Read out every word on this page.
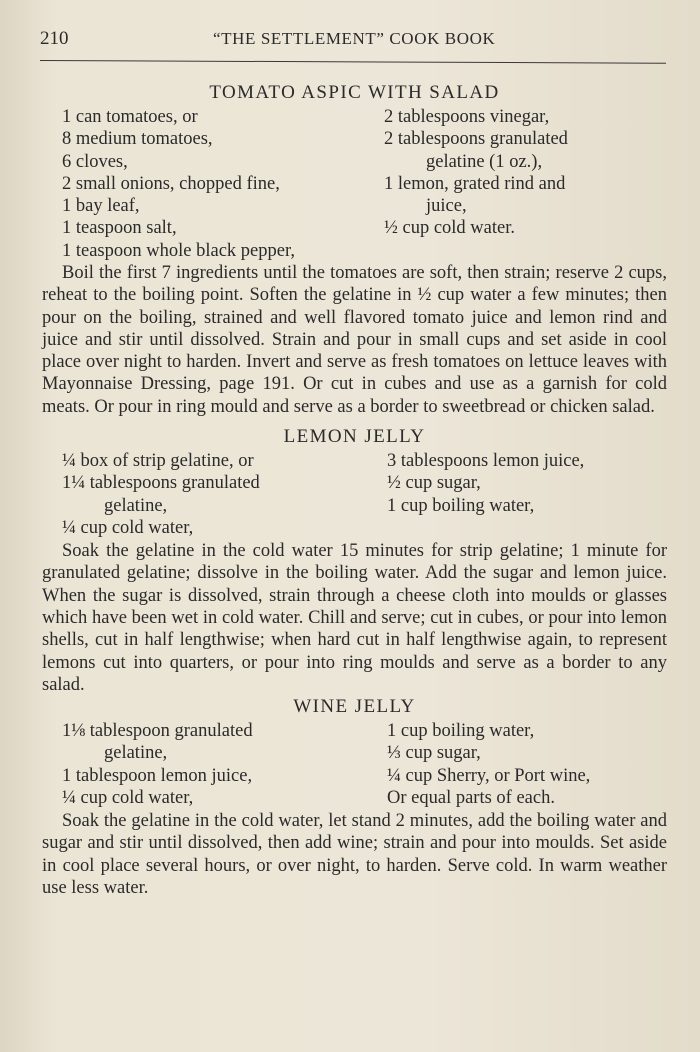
210	“THE SETTLEMENT” COOK BOOK
TOMATO ASPIC WITH SALAD
1 can tomatoes, or
8 medium tomatoes,
6 cloves,
2 small onions, chopped fine,
1 bay leaf,
1 teaspoon salt,
1 teaspoon whole black pepper,
2 tablespoons vinegar,
2 tablespoons granulated
gelatine (1 oz.),
1 lemon, grated rind and
juice,
½ cup cold water.

Boil the first 7 ingredients until the tomatoes are soft, then strain; reserve 2 cups, reheat to the boiling point. Soften the gelatine in ½ cup water a few minutes; then pour on the boiling, strained and well flavored tomato juice and lemon rind and juice and stir until dissolved. Strain and pour in small cups and set aside in cool place over night to harden. Invert and serve as fresh tomatoes on lettuce leaves with Mayonnaise Dressing, page 191. Or cut in cubes and use as a garnish for cold meats. Or pour in ring mould and serve as a border to sweetbread or chicken salad.

LEMON JELLY
¼ box of strip gelatine, or
1¼ tablespoons granulated
gelatine,
¼ cup cold water,
3 tablespoons lemon juice,
½ cup sugar,
1 cup boiling water,

Soak the gelatine in the cold water 15 minutes for strip gelatine; 1 minute for granulated gelatine; dissolve in the boiling water. Add the sugar and lemon juice. When the sugar is dissolved, strain through a cheese cloth into moulds or glasses which have been wet in cold water. Chill and serve; cut in cubes, or pour into lemon shells, cut in half lengthwise; when hard cut in half lengthwise again, to represent lemons cut into quarters, or pour into ring moulds and serve as a border to any salad.

WINE JELLY
1⅛ tablespoon granulated
gelatine,
1 tablespoon lemon juice,
¼ cup cold water,
1 cup boiling water,
⅓ cup sugar,
¼ cup Sherry, or Port wine,
Or equal parts of each.

Soak the gelatine in the cold water, let stand 2 minutes, add the boiling water and sugar and stir until dissolved, then add wine; strain and pour into moulds. Set aside in cool place several hours, or over night, to harden. Serve cold. In warm weather use less water.
